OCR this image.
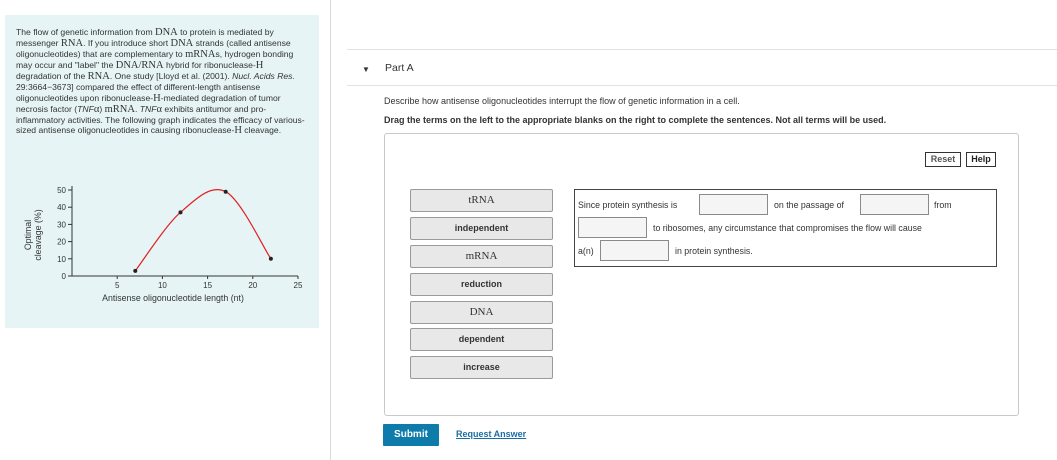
The flow of genetic information from DNA to protein is mediated by messenger RNA. If you introduce short DNA strands (called antisense oligonucleotides) that are complementary to mRNAs, hydrogen bonding may occur and "label" the DNA/RNA hybrid for ribonuclease-H degradation of the RNA. One study [Lloyd et al. (2001). Nucl. Acids Res. 29:3664−3673] compared the effect of different-length antisense oligonucleotides upon ribonuclease-H-mediated degradation of tumor necrosis factor (TNFα) mRNA. TNFα exhibits antitumor and pro-inflammatory activities. The following graph indicates the efficacy of various-sized antisense oligonucleotides in causing ribonuclease-H cleavage.

0
10
20
30
40
50
5	10	15	20	25
Antisense oligonucleotide length (nt)
Optimal cleavage (%)
▼ Part A
Describe how antisense oligonucleotides interrupt the flow of genetic information in a cell.
Drag the terms on the left to the appropriate blanks on the right to complete the sentences. Not all terms will be used.
Reset	Help
tRNA
independent
mRNA
reduction
DNA
dependent
increase
Since protein synthesis is	on the passage of	from
to ribosomes, any circumstance that compromises the flow will cause
a(n)	in protein synthesis.
Submit	Request Answer
